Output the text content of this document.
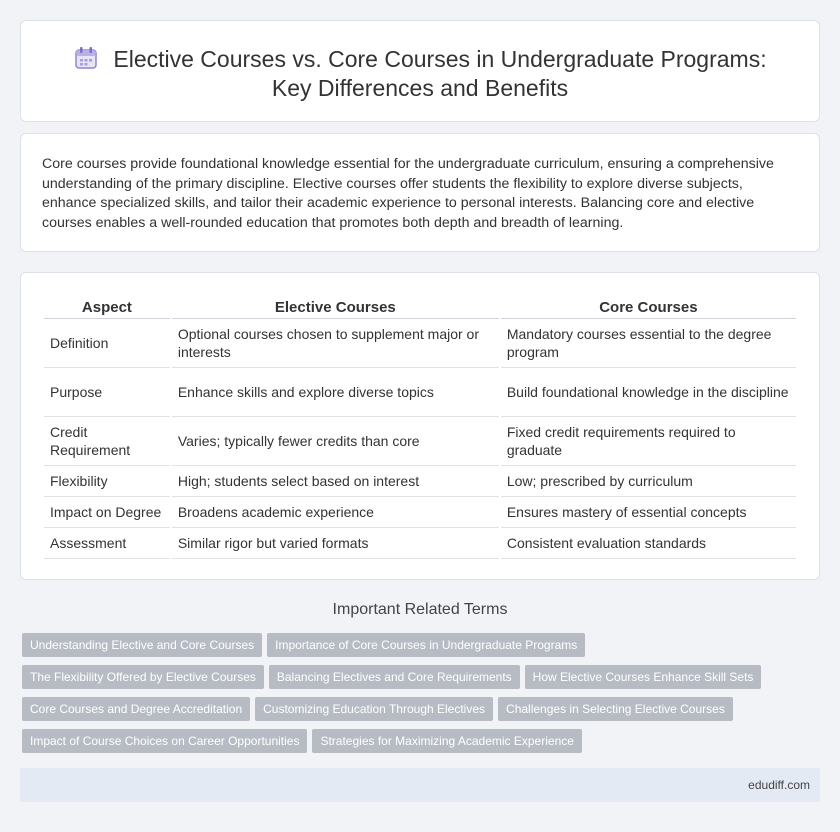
Elective Courses vs. Core Courses in Undergraduate Programs:
Key Differences and Benefits

Core courses provide foundational knowledge essential for the undergraduate curriculum, ensuring a comprehensive understanding of the primary discipline. Elective courses offer students the flexibility to explore diverse subjects, enhance specialized skills, and tailor their academic experience to personal interests. Balancing core and elective courses enables a well-rounded education that promotes both depth and breadth of learning.

Aspect	Elective Courses	Core Courses
Definition	Optional courses chosen to supplement major or interests	Mandatory courses essential to the degree program
Purpose	Enhance skills and explore diverse topics	Build foundational knowledge in the discipline
Credit Requirement	Varies; typically fewer credits than core	Fixed credit requirements required to graduate
Flexibility	High; students select based on interest	Low; prescribed by curriculum
Impact on Degree	Broadens academic experience	Ensures mastery of essential concepts
Assessment	Similar rigor but varied formats	Consistent evaluation standards
Important Related Terms
Understanding Elective and Core Courses Importance of Core Courses in Undergraduate Programs
The Flexibility Offered by Elective Courses Balancing Electives and Core Requirements How Elective Courses Enhance Skill Sets
Core Courses and Degree Accreditation Customizing Education Through Electives Challenges in Selecting Elective Courses
Impact of Course Choices on Career Opportunities Strategies for Maximizing Academic Experience
edudiff.com
